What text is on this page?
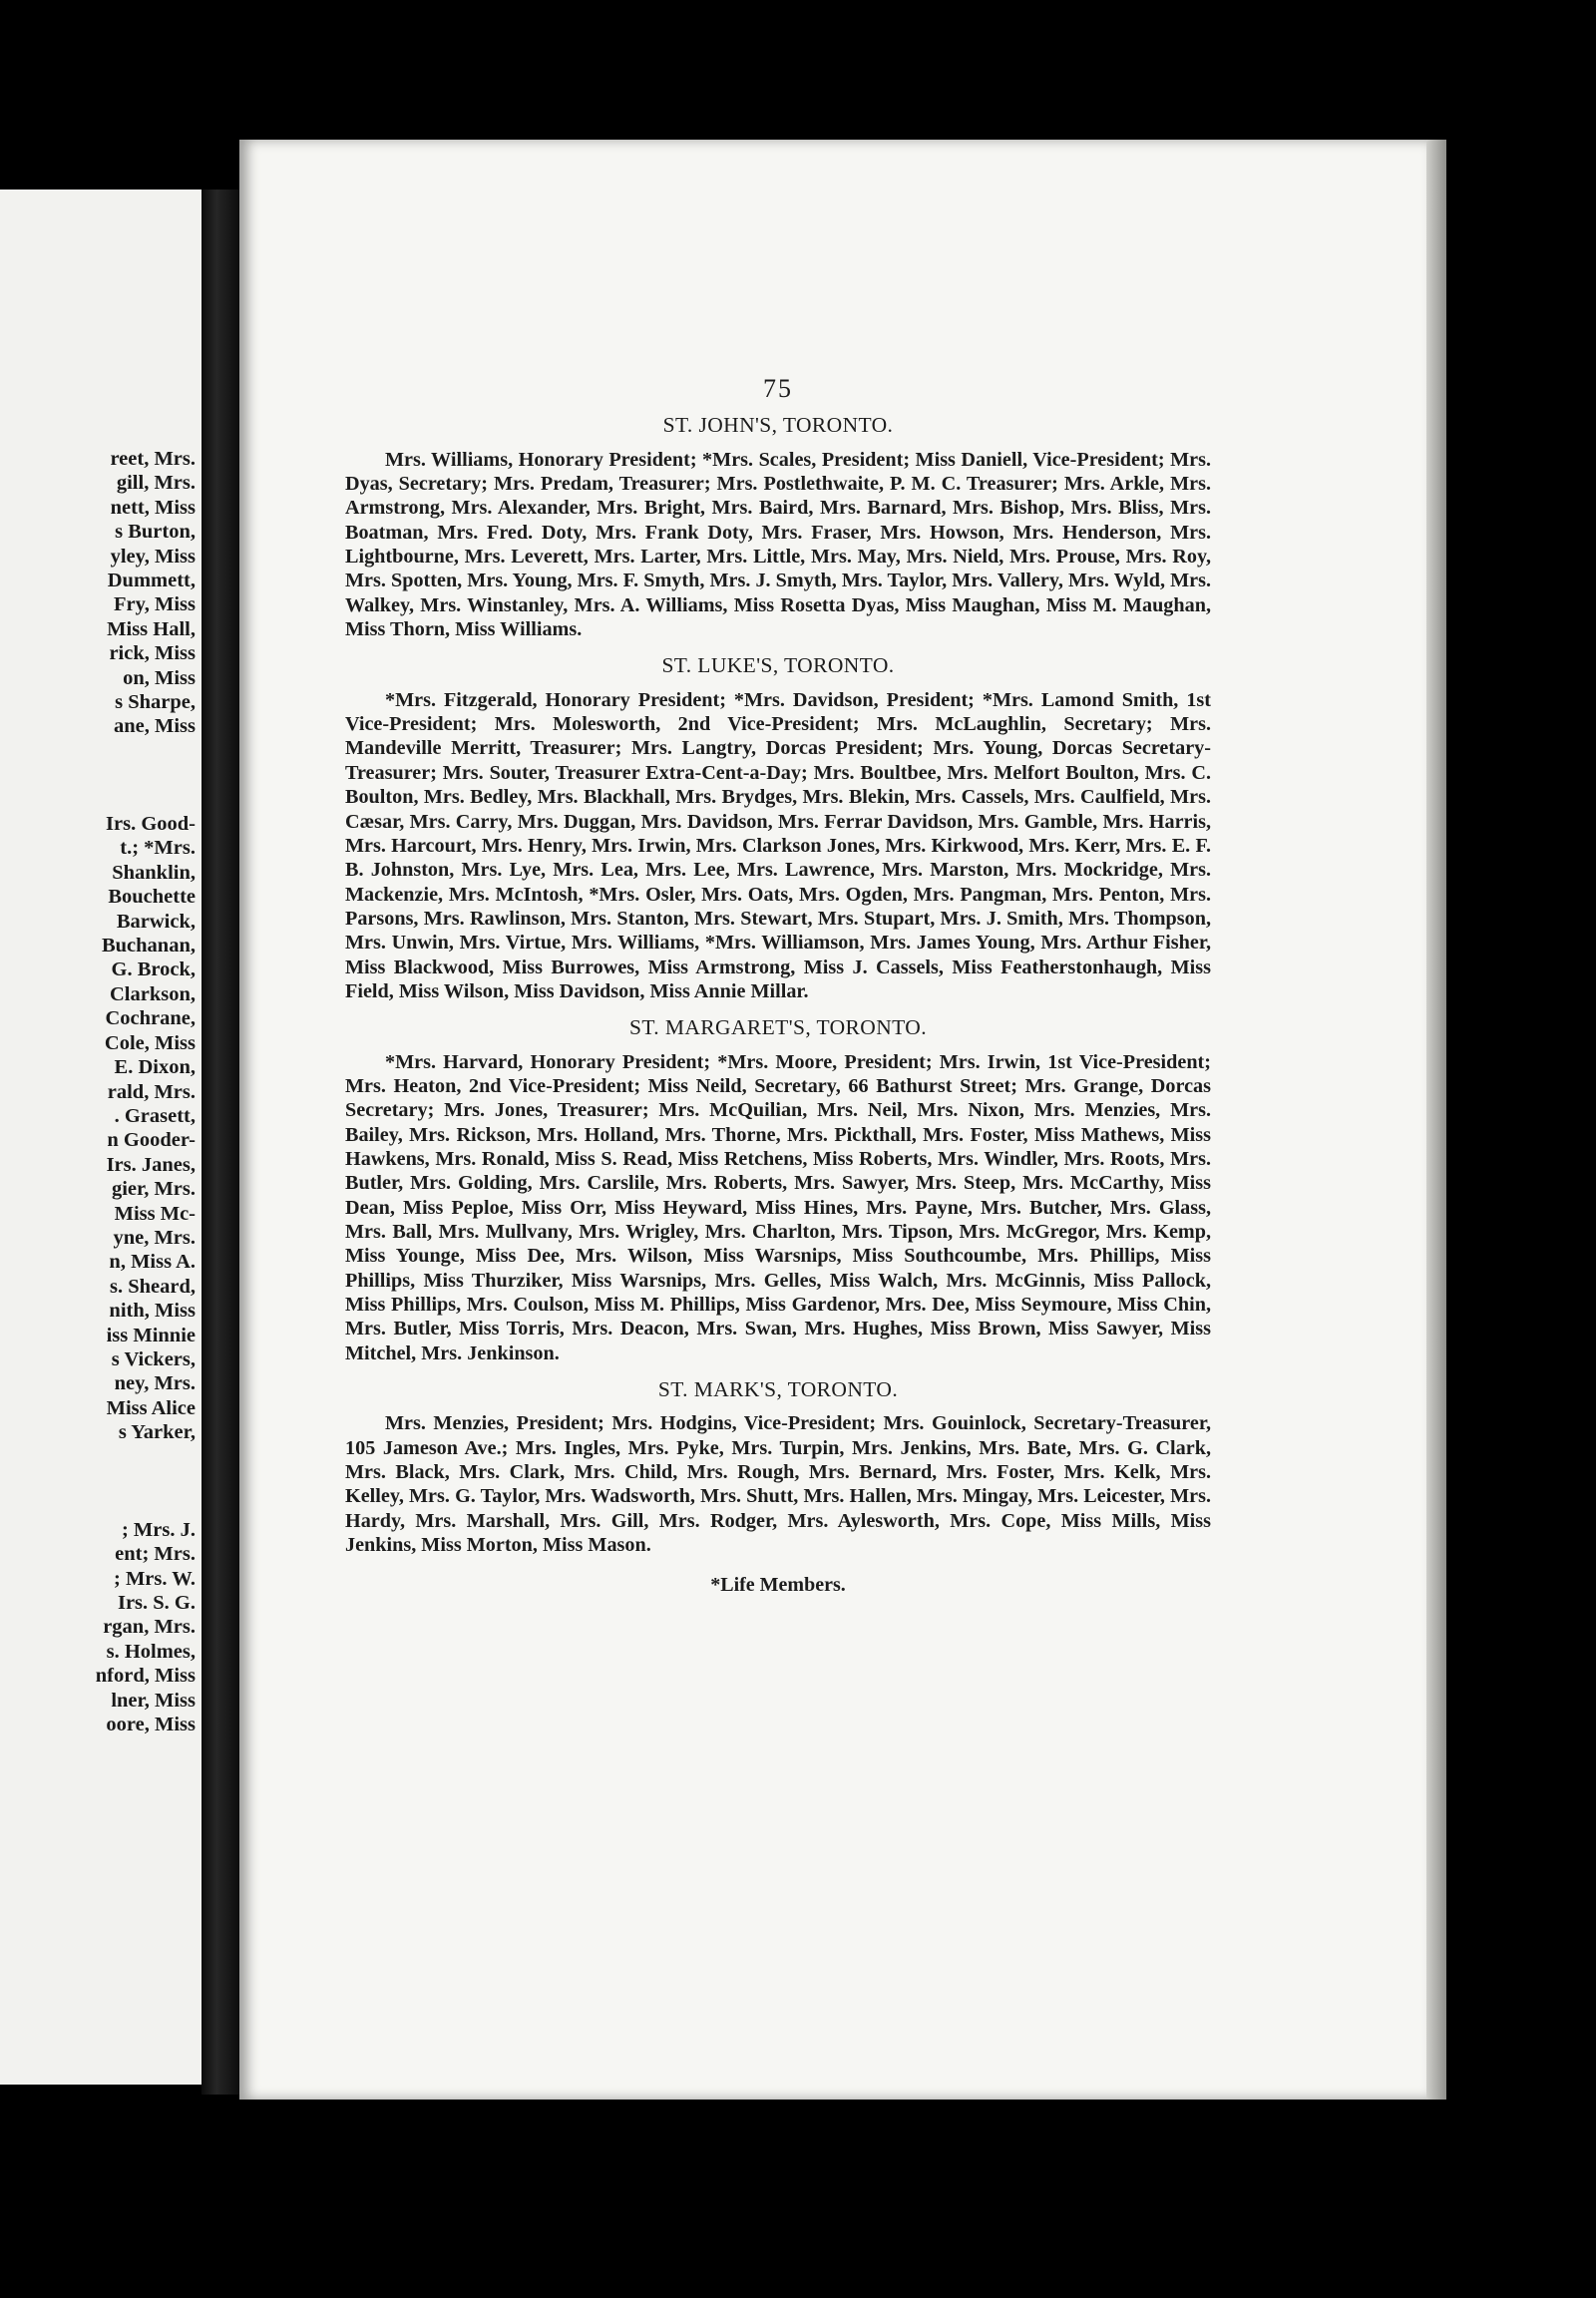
reet, Mrs.
gill, Mrs.
nett, Miss
s Burton,
yley, Miss
Dummett,
Fry, Miss
Miss Hall,
rick, Miss
on, Miss
s Sharpe,
ane, Miss
Irs. Good-
t.; *Mrs.
Shanklin,
Bouchette
Barwick,
Buchanan,
G. Brock,
Clarkson,
Cochrane,
Cole, Miss
E. Dixon,
rald, Mrs.
. Grasett,
n Gooder-
Irs. Janes,
gier, Mrs.
Miss Mc-
yne, Mrs.
n, Miss A.
s. Sheard,
nith, Miss
iss Minnie
s Vickers,
ney, Mrs.
Miss Alice
s Yarker,
; Mrs. J.
ent; Mrs.
; Mrs. W.
Irs. S. G.
rgan, Mrs.
s. Holmes,
nford, Miss
lner, Miss
oore, Miss
75
ST. JOHN'S, TORONTO.

Mrs. Williams, Honorary President; *Mrs. Scales, President; Miss Daniell, Vice-President; Mrs. Dyas, Secretary; Mrs. Predam, Treasurer; Mrs. Postlethwaite, P. M. C. Treasurer; Mrs. Arkle, Mrs. Armstrong, Mrs. Alexander, Mrs. Bright, Mrs. Baird, Mrs. Barnard, Mrs. Bishop, Mrs. Bliss, Mrs. Boatman, Mrs. Fred. Doty, Mrs. Frank Doty, Mrs. Fraser, Mrs. Howson, Mrs. Henderson, Mrs. Lightbourne, Mrs. Leverett, Mrs. Larter, Mrs. Little, Mrs. May, Mrs. Nield, Mrs. Prouse, Mrs. Roy, Mrs. Spotten, Mrs. Young, Mrs. F. Smyth, Mrs. J. Smyth, Mrs. Taylor, Mrs. Vallery, Mrs. Wyld, Mrs. Walkey, Mrs. Winstanley, Mrs. A. Williams, Miss Rosetta Dyas, Miss Maughan, Miss M. Maughan, Miss Thorn, Miss Williams.

ST. LUKE'S, TORONTO.

*Mrs. Fitzgerald, Honorary President; *Mrs. Davidson, President; *Mrs. Lamond Smith, 1st Vice-President; Mrs. Molesworth, 2nd Vice-President; Mrs. McLaughlin, Secretary; Mrs. Mandeville Merritt, Treasurer; Mrs. Langtry, Dorcas President; Mrs. Young, Dorcas Secretary-Treasurer; Mrs. Souter, Treasurer Extra-Cent-a-Day; Mrs. Boultbee, Mrs. Melfort Boulton, Mrs. C. Boulton, Mrs. Bedley, Mrs. Blackhall, Mrs. Brydges, Mrs. Blekin, Mrs. Cassels, Mrs. Caulfield, Mrs. Cæsar, Mrs. Carry, Mrs. Duggan, Mrs. Davidson, Mrs. Ferrar Davidson, Mrs. Gamble, Mrs. Harris, Mrs. Harcourt, Mrs. Henry, Mrs. Irwin, Mrs. Clarkson Jones, Mrs. Kirkwood, Mrs. Kerr, Mrs. E. F. B. Johnston, Mrs. Lye, Mrs. Lea, Mrs. Lee, Mrs. Lawrence, Mrs. Marston, Mrs. Mockridge, Mrs. Mackenzie, Mrs. McIntosh, *Mrs. Osler, Mrs. Oats, Mrs. Ogden, Mrs. Pangman, Mrs. Penton, Mrs. Parsons, Mrs. Rawlinson, Mrs. Stanton, Mrs. Stewart, Mrs. Stupart, Mrs. J. Smith, Mrs. Thompson, Mrs. Unwin, Mrs. Virtue, Mrs. Williams, *Mrs. Williamson, Mrs. James Young, Mrs. Arthur Fisher, Miss Blackwood, Miss Burrowes, Miss Armstrong, Miss J. Cassels, Miss Featherstonhaugh, Miss Field, Miss Wilson, Miss Davidson, Miss Annie Millar.

ST. MARGARET'S, TORONTO.

*Mrs. Harvard, Honorary President; *Mrs. Moore, President; Mrs. Irwin, 1st Vice-President; Mrs. Heaton, 2nd Vice-President; Miss Neild, Secretary, 66 Bathurst Street; Mrs. Grange, Dorcas Secretary; Mrs. Jones, Treasurer; Mrs. McQuilian, Mrs. Neil, Mrs. Nixon, Mrs. Menzies, Mrs. Bailey, Mrs. Rickson, Mrs. Holland, Mrs. Thorne, Mrs. Pickthall, Mrs. Foster, Miss Mathews, Miss Hawkens, Mrs. Ronald, Miss S. Read, Miss Retchens, Miss Roberts, Mrs. Windler, Mrs. Roots, Mrs. Butler, Mrs. Golding, Mrs. Carslile, Mrs. Roberts, Mrs. Sawyer, Mrs. Steep, Mrs. McCarthy, Miss Dean, Miss Peploe, Miss Orr, Miss Heyward, Miss Hines, Mrs. Payne, Mrs. Butcher, Mrs. Glass, Mrs. Ball, Mrs. Mullvany, Mrs. Wrigley, Mrs. Charlton, Mrs. Tipson, Mrs. McGregor, Mrs. Kemp, Miss Younge, Miss Dee, Mrs. Wilson, Miss Warsnips, Miss Southcoumbe, Mrs. Phillips, Miss Phillips, Miss Thurziker, Miss Warsnips, Mrs. Gelles, Miss Walch, Mrs. McGinnis, Miss Pallock, Miss Phillips, Mrs. Coulson, Miss M. Phillips, Miss Gardenor, Mrs. Dee, Miss Seymoure, Miss Chin, Mrs. Butler, Miss Torris, Mrs. Deacon, Mrs. Swan, Mrs. Hughes, Miss Brown, Miss Sawyer, Miss Mitchel, Mrs. Jenkinson.

ST. MARK'S, TORONTO.

Mrs. Menzies, President; Mrs. Hodgins, Vice-President; Mrs. Gouinlock, Secretary-Treasurer, 105 Jameson Ave.; Mrs. Ingles, Mrs. Pyke, Mrs. Turpin, Mrs. Jenkins, Mrs. Bate, Mrs. G. Clark, Mrs. Black, Mrs. Clark, Mrs. Child, Mrs. Rough, Mrs. Bernard, Mrs. Foster, Mrs. Kelk, Mrs. Kelley, Mrs. G. Taylor, Mrs. Wadsworth, Mrs. Shutt, Mrs. Hallen, Mrs. Mingay, Mrs. Leicester, Mrs. Hardy, Mrs. Marshall, Mrs. Gill, Mrs. Rodger, Mrs. Aylesworth, Mrs. Cope, Miss Mills, Miss Jenkins, Miss Morton, Miss Mason.

*Life Members.
